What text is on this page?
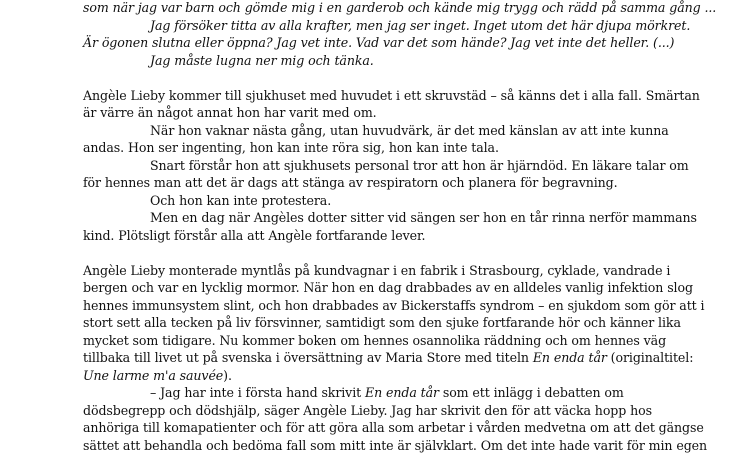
som när jag var barn och gömde mig i en garderob och kände mig trygg och rädd på samma gång ...
Jag försöker titta av alla krafter, men jag ser inget. Inget utom det här djupa mörkret.
Är ögonen slutna eller öppna? Jag vet inte. Vad var det som hände? Jag vet inte det heller. (...)
Jag måste lugna ner mig och tänka.
Angèle Lieby kommer till sjukhuset med huvudet i ett skruvstäd – så känns det i alla fall. Smärtan
är värre än något annat hon har varit med om.
När hon vaknar nästa gång, utan huvudvärk, är det med känslan av att inte kunna
andas. Hon ser ingenting, hon kan inte röra sig, hon kan inte tala.
Snart förstår hon att sjukhusets personal tror att hon är hjärndöd. En läkare talar om
för hennes man att det är dags att stänga av respiratorn och planera för begravning.
Och hon kan inte protestera.
Men en dag när Angèles dotter sitter vid sängen ser hon en tår rinna nerför mammans
kind. Plötsligt förstår alla att Angèle fortfarande lever.
Angèle Lieby monterade myntlås på kundvagnar i en fabrik i Strasbourg, cyklade, vandrade i
bergen och var en lycklig mormor. När hon en dag drabbades av en alldeles vanlig infektion slog
hennes immunsystem slint, och hon drabbades av Bickerstaffs syndrom – en sjukdom som gör att i
stort sett alla tecken på liv försvinner, samtidigt som den sjuke fortfarande hör och känner lika
mycket som tidigare. Nu kommer boken om hennes osannolika räddning och om hennes väg
tillbaka till livet ut på svenska i översättning av Maria Store med titeln En enda tår (originaltitel:
Une larme m'a sauvée).
– Jag har inte i första hand skrivit En enda tår som ett inlägg i debatten om
dödsbegrepp och dödshjälp, säger Angèle Lieby. Jag har skrivit den för att väcka hopp hos
anhöriga till komapatienter och för att göra alla som arbetar i vården medvetna om att det gängse
sättet att behandla och bedöma fall som mitt inte är självklart. Om det inte hade varit för min egen
